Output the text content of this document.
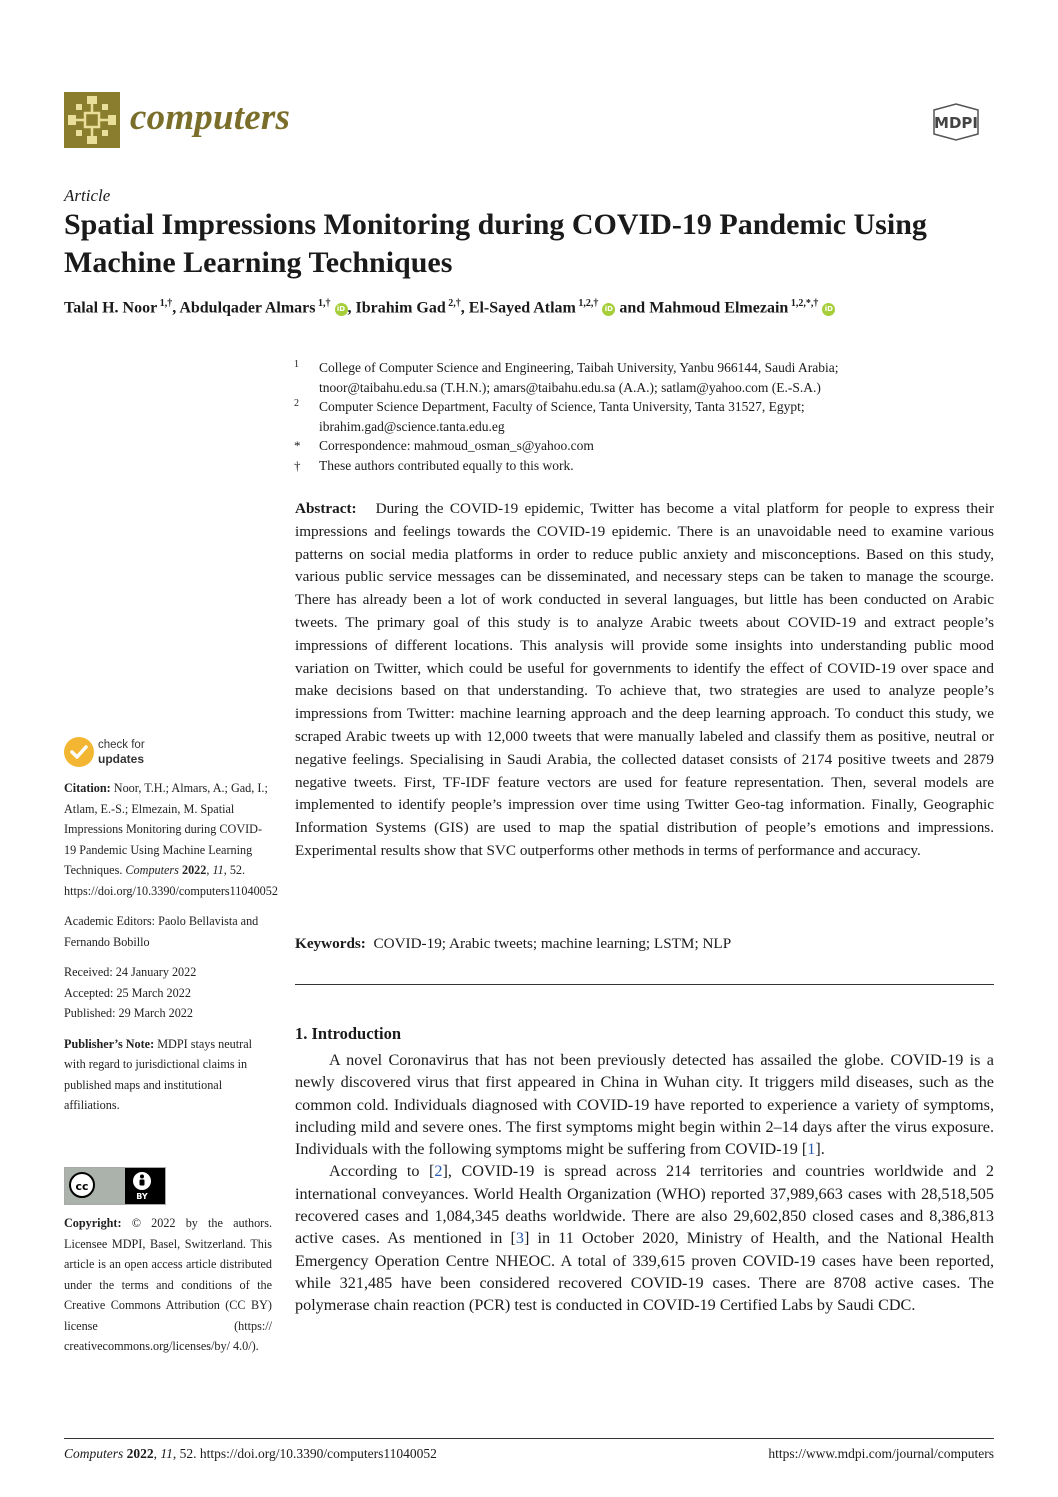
computers	MDPI
Article
Spatial Impressions Monitoring during COVID-19 Pandemic Using Machine Learning Techniques
Talal H. Noor $^{1,\dagger}$, Abdulqader Almars $^{1,\dagger}$ iD , Ibrahim Gad $^{2,\dagger}$, El-Sayed Atlam $^{1,2,\dagger}$ iD and Mahmoud Elmezain $^{1,2,*,\dagger}$ iD
1 College of Computer Science and Engineering, Taibah University, Yanbu 966144, Saudi Arabia;
tnoor@taibahu.edu.sa (T.H.N.); amars@taibahu.edu.sa (A.A.); satlam@yahoo.com (E.-S.A.)
2 Computer Science Department, Faculty of Science, Tanta University, Tanta 31527, Egypt;
ibrahim.gad@science.tanta.edu.eg
* Correspondence: mahmoud_osman_s@yahoo.com
† These authors contributed equally to this work.
Abstract: During the COVID-19 epidemic, Twitter has become a vital platform for people to express their impressions and feelings towards the COVID-19 epidemic. There is an unavoidable need to examine various patterns on social media platforms in order to reduce public anxiety and misconceptions. Based on this study, various public service messages can be disseminated, and necessary steps can be taken to manage the scourge. There has already been a lot of work conducted in several languages, but little has been conducted on Arabic tweets. The primary goal of this study is to analyze Arabic tweets about COVID-19 and extract people’s impressions of different locations. This analysis will provide some insights into understanding public mood variation on Twitter, which could be useful for governments to identify the effect of COVID-19 over space and make decisions based on that understanding. To achieve that, two strategies are used to analyze people’s impressions from Twitter: machine learning approach and the deep learning approach. To conduct this study, we scraped Arabic tweets up with 12,000 tweets that were manually labeled and classify them as positive, neutral or negative feelings. Specialising in Saudi Arabia, the collected dataset consists of 2174 positive tweets and 2879 negative tweets. First, TF-IDF feature vectors are used for feature representation. Then, several models are implemented to identify people’s impression over time using Twitter Geo-tag information. Finally, Geographic Information Systems (GIS) are used to map the spatial distribution of people’s emotions and impressions. Experimental results show that SVC outperforms other methods in terms of performance and accuracy.
Keywords: COVID-19; Arabic tweets; machine learning; LSTM; NLP
1. Introduction

A novel Coronavirus that has not been previously detected has assailed the globe. COVID-19 is a newly discovered virus that first appeared in China in Wuhan city. It triggers mild diseases, such as the common cold. Individuals diagnosed with COVID-19 have reported to experience a variety of symptoms, including mild and severe ones. The first symptoms might begin within 2–14 days after the virus exposure. Individuals with the following symptoms might be suffering from COVID-19 [1].

According to [2], COVID-19 is spread across 214 territories and countries worldwide and 2 international conveyances. World Health Organization (WHO) reported 37,989,663 cases with 28,518,505 recovered cases and 1,084,345 deaths worldwide. There are also 29,602,850 closed cases and 8,386,813 active cases. As mentioned in [3] in 11 October 2020, Ministry of Health, and the National Health Emergency Operation Centre NHEOC. A total of 339,615 proven COVID-19 cases have been reported, while 321,485 have been considered recovered COVID-19 cases. There are 8708 active cases. The polymerase chain reaction (PCR) test is conducted in COVID-19 Certified Labs by Saudi CDC.

check for
updates

Citation: Noor, T.H.; Almars, A.; Gad, I.; Atlam, E.-S.; Elmezain, M. Spatial Impressions Monitoring during COVID-19 Pandemic Using Machine Learning Techniques. Computers 2022, 11, 52. https://doi.org/10.3390/computers11040052

Academic Editors: Paolo Bellavista and Fernando Bobillo

Received: 24 January 2022
Accepted: 25 March 2022

Published: 29 March 2022

Publisher’s Note: MDPI stays neutral with regard to jurisdictional claims in published maps and institutional affiliations.

cc
BY
Copyright: © 2022 by the authors. Licensee MDPI, Basel, Switzerland. This article is an open access article distributed under the terms and conditions of the Creative Commons Attribution (CC BY) license (https:// creativecommons.org/licenses/by/ 4.0/).
Computers 2022, 11, 52. https://doi.org/10.3390/computers11040052	https://www.mdpi.com/journal/computers
